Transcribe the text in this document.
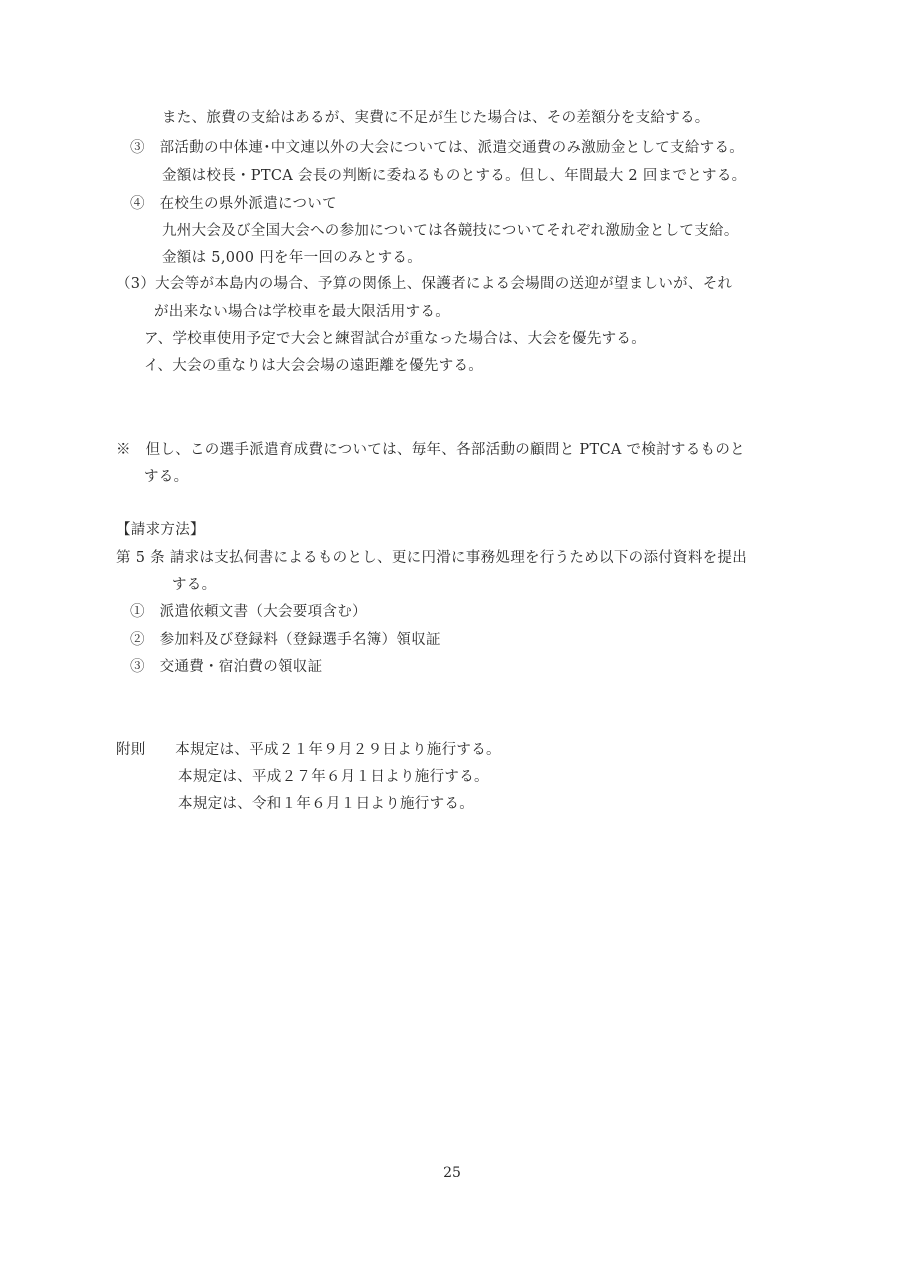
また、旅費の支給はあるが、実費に不足が生じた場合は、その差額分を支給する。
③　部活動の中体連･中文連以外の大会については、派遣交通費のみ激励金として支給する。
金額は校長・PTCA 会長の判断に委ねるものとする。但し、年間最大 2 回までとする。
④　在校生の県外派遣について
九州大会及び全国大会への参加については各競技についてそれぞれ激励金として支給。
金額は 5,000 円を年一回のみとする。
（3）大会等が本島内の場合、予算の関係上、保護者による会場間の送迎が望ましいが、それ
が出来ない場合は学校車を最大限活用する。
ア、学校車使用予定で大会と練習試合が重なった場合は、大会を優先する。
イ、大会の重なりは大会会場の遠距離を優先する。
※　但し、この選手派遣育成費については、毎年、各部活動の顧問と PTCA で検討するものと
する。
【請求方法】
第 5 条 請求は支払伺書によるものとし、更に円滑に事務処理を行うため以下の添付資料を提出
する。
①　派遣依頼文書（大会要項含む）
②　参加料及び登録料（登録選手名簿）領収証
③　交通費・宿泊費の領収証
附則　　本規定は、平成２１年９月２９日より施行する。
本規定は、平成２７年６月１日より施行する。
本規定は、令和１年６月１日より施行する。
25
